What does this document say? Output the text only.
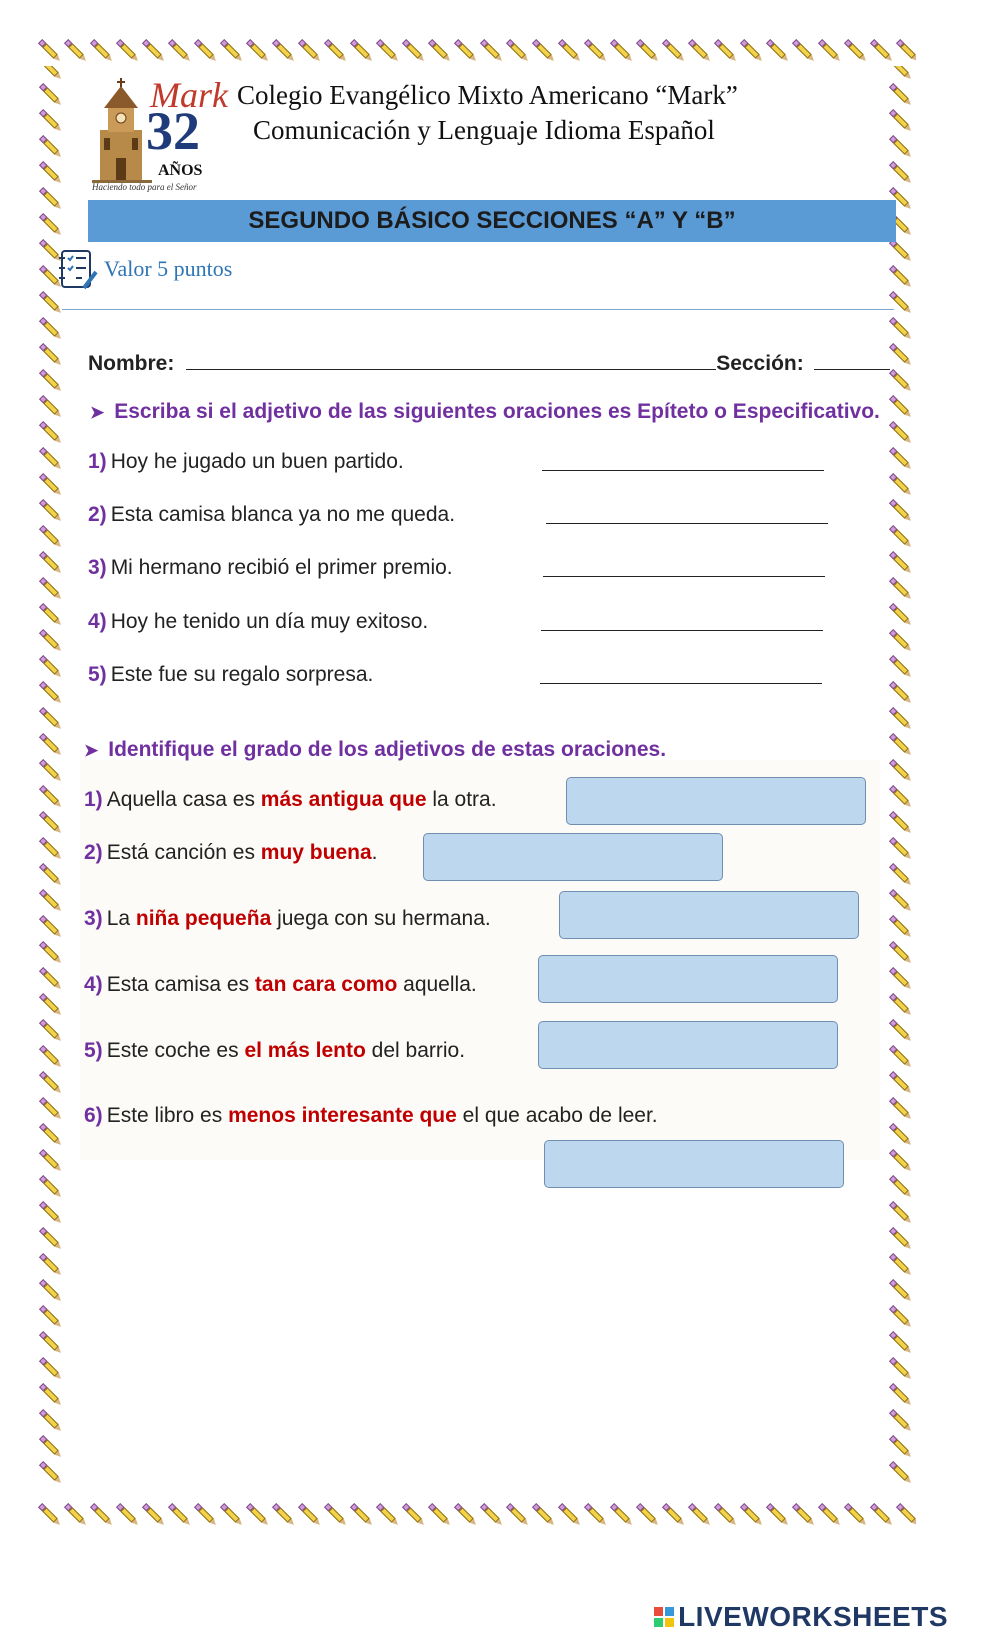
Mark
32
AÑOS
Haciendo todo para el Señor
Colegio Evangélico Mixto Americano “Mark”
Comunicación y Lenguaje Idioma Español
SEGUNDO BÁSICO SECCIONES “A” Y “B”
Valor 5 puntos
Nombre:	Sección:
➤ Escriba si el adjetivo de las siguientes oraciones es Epíteto o Especificativo.
1) Hoy he jugado un buen partido.
2) Esta camisa blanca ya no me queda.
3) Mi hermano recibió el primer premio.
4) Hoy he tenido un día muy exitoso.
5) Este fue su regalo sorpresa.
➤ Identifique el grado de los adjetivos de estas oraciones.
1) Aquella casa es más antigua que la otra.
2) Está canción es muy buena.
3) La niña pequeña juega con su hermana.
4) Esta camisa es tan cara como aquella.
5) Este coche es el más lento del barrio.
6) Este libro es menos interesante que el que acabo de leer.
LIVEWORKSHEETS
